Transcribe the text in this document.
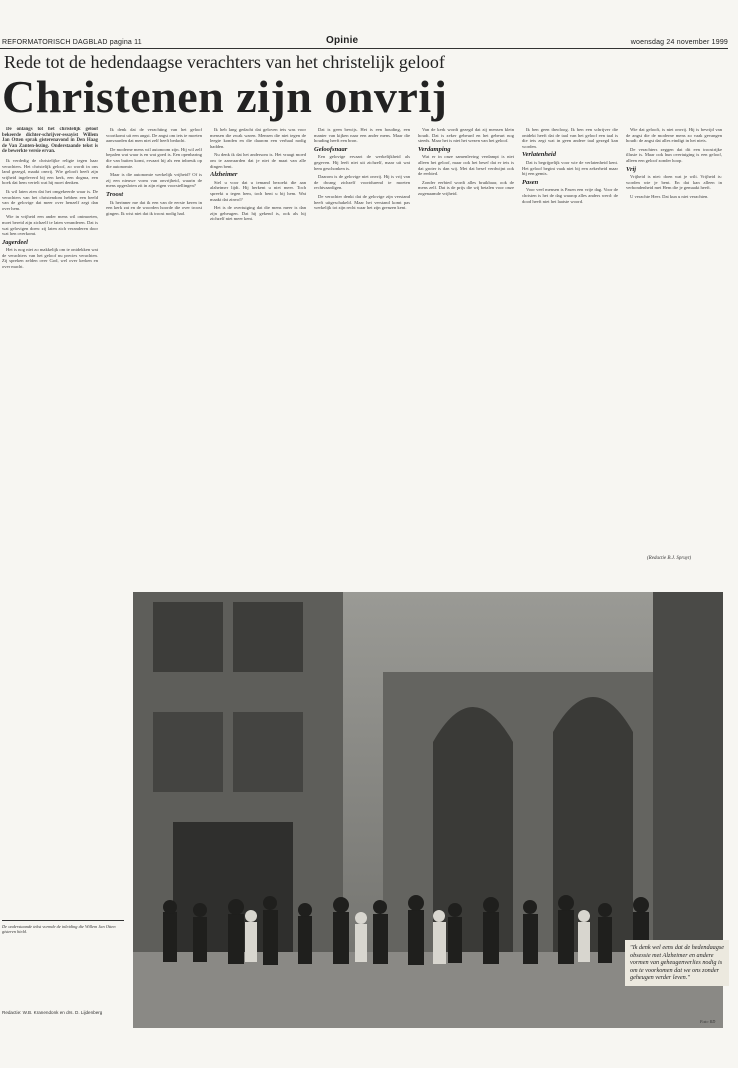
REFORMATORISCH DAGBLAD pagina 11	Opinie	woensdag 24 november 1999
Rede tot de hedendaagse verachters van het christelijk geloof
Christenen zijn onvrij

De onlangs tot het christelijk geloof bekeerde dichter-schrijver-essayist Willem Jan Otten sprak gisterenavond in Den Haag de Van Zanten-lezing. Onderstaande tekst is de bewerkte versie ervan.

Ik verdedig de christelijke religie tegen haar verachters. Het christelijk geloof, zo wordt in ons land gezegd, maakt onvrij. Wie gelooft heeft zijn vrijheid ingeleverd bij een kerk, een dogma, een boek dat hem vertelt wat hij moet denken.

Ik wil laten zien dat het omgekeerde waar is. De verachters van het christendom hebben een beeld van de gelovige dat meer over henzelf zegt dan over hem.

Wie in vrijheid een ander mens wil ontmoeten, moet bereid zijn zichzelf te laten veranderen. Dat is wat gelovigen doen: zij laten zich veranderen door wat hen overkomt.

Jagerdeel

Het is nog niet zo makkelijk om te ontdekken wat de verachters van het geloof nu precies verachten. Zij spreken zelden over God, wel over kerken en over macht.

Ik denk dat de verachting van het geloof voortkomt uit een angst. De angst om iets te moeten aanvaarden dat men niet zelf heeft bedacht.

De moderne mens wil autonoom zijn. Hij wil zelf bepalen wat waar is en wat goed is. Een openbaring die van buiten komt, ervaart hij als een inbreuk op die autonomie.

Maar is die autonomie werkelijk vrijheid? Of is zij een nieuwe vorm van onvrijheid, waarin de mens opgesloten zit in zijn eigen voorstellingen?

Troost

Ik herinner me dat ik een van de eerste keren in een kerk zat en de woorden hoorde die over troost gingen. Ik wist niet dat ik troost nodig had.

Ik heb lang gedacht dat geloven iets was voor mensen die zwak waren. Mensen die niet tegen de leegte konden en die daarom een verhaal nodig hadden.

Nu denk ik dat het andersom is. Het vraagt moed om te aanvaarden dat je niet de maat van alle dingen bent.

Alzheimer

Stel u voor dat u iemand bezoekt die aan alzheimer lijdt. Hij herkent u niet meer. Toch spreekt u tegen hem, toch bent u bij hem. Wat maakt dat zinvol?

Het is de overtuiging dat die mens meer is dan zijn geheugen. Dat hij gekend is, ook als hij zichzelf niet meer kent.

Dat is geen bewijs. Het is een houding, een manier van kijken naar een ander mens. Maar die houding heeft een bron.

Geloofsnaar

Een gelovige ervaart de werkelijkheid als gegeven. Hij leeft niet uit zichzelf, maar uit wat hem geschonken is.

Daarom is de gelovige niet onvrij. Hij is vrij van de dwang zichzelf voortdurend te moeten rechtvaardigen.

De verachter denkt dat de gelovige zijn verstand heeft uitgeschakeld. Maar het verstand komt pas werkelijk tot zijn recht waar het zijn grenzen kent.

Van de kerk wordt gezegd dat zij mensen klein houdt. Dat is zeker gebeurd en het gebeurt nog steeds. Maar het is niet het wezen van het geloof.

Verdamping

Wat er in onze samenleving verdampt is niet alleen het geloof, maar ook het besef dat er iets is dat groter is dan wij. Met dat besef verdwijnt ook de eerbied.

Zonder eerbied wordt alles bruikbaar, ook de mens zelf. Dat is de prijs die wij betalen voor onze zogenaamde vrijheid.

Ik ben geen theoloog. Ik ben een schrijver die ontdekt heeft dat de taal van het geloof een taal is die iets zegt wat in geen andere taal gezegd kan worden.

Verlatenheid

Dat is begrijpelijk voor wie de verlatenheid kent. Het geloof begint vaak niet bij een zekerheid maar bij een gemis.

Pasen

Voor veel mensen is Pasen een vrije dag. Voor de christen is het de dag waarop alles anders werd: de dood heeft niet het laatste woord.

Wie dat gelooft, is niet onvrij. Hij is bevrijd van de angst die de moderne mens zo vaak gevangen houdt: de angst dat alles eindigt in het niets.

De verachters zeggen dat dit een troostrijke illusie is. Maar ook hun overtuiging is een geloof, alleen een geloof zonder hoop.

Vrij

Vrijheid is niet: doen wat je wilt. Vrijheid is: worden wie je bent. En dat kan alleen in verbondenheid met Hem die je gemaakt heeft.

U verachte Heer. Dat kun u niet verachten.

(Redactie B.J. Spruyt)
De onderstaande tekst vormde de inleiding die Willem Jan Otten gisteren hield.
Redactie: W.B. Kranendonk en drs. D. Lijdenberg
"Ik denk wel eens dat de hedendaagse obsessie met Alzheimer en andere vormen van geheugenverlies nodig is om te voorkomen dat we ons zonder geheugen verder leven."
Foto: RD
